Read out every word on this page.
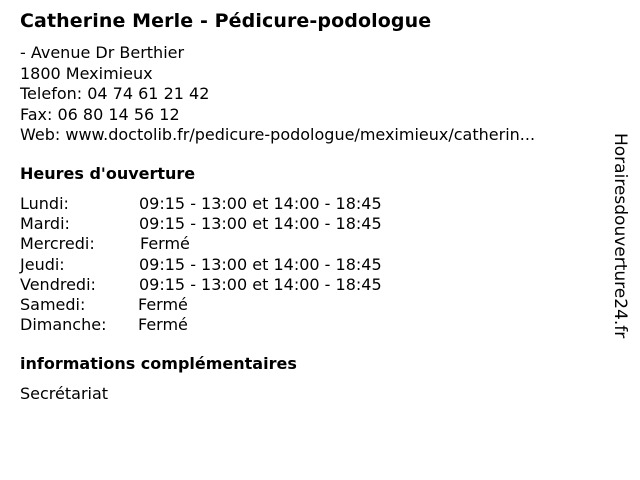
Catherine Merle - Pédicure-podologue
- Avenue Dr Berthier
1800 Meximieux
Telefon: 04 74 61 21 42
Fax: 06 80 14 56 12
Web: www.doctolib.fr/pedicure-podologue/meximieux/catherin...
Heures d'ouverture
Lundi:	09:15 - 13:00 et 14:00 - 18:45
Mardi:	09:15 - 13:00 et 14:00 - 18:45
Mercredi:	Fermé
Jeudi:	09:15 - 13:00 et 14:00 - 18:45
Vendredi:	09:15 - 13:00 et 14:00 - 18:45
Samedi:	Fermé
Dimanche: Fermé
informations complémentaires
Secrétariat
Horairesdouverture24.fr
